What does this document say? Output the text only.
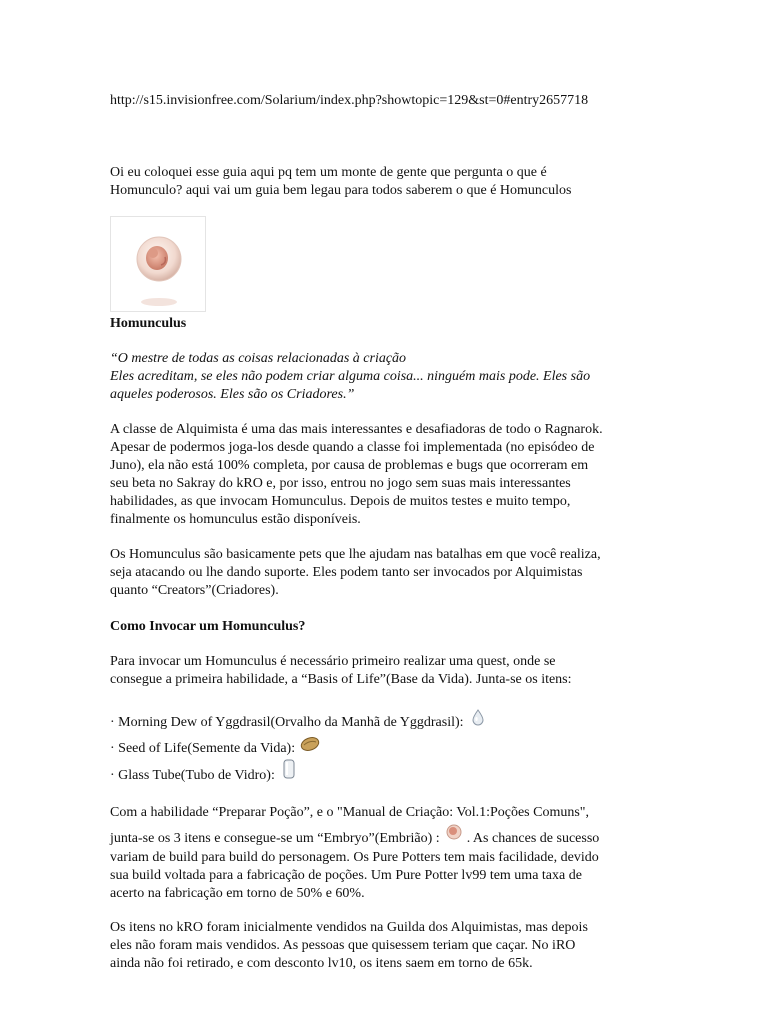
http://s15.invisionfree.com/Solarium/index.php?showtopic=129&st=0#entry2657718
Oi eu coloquei esse guia aqui pq tem um monte de gente que pergunta o que é
Homunculo? aqui vai um guia bem legau para todos saberem o que é Homunculos
Homunculus
“O mestre de todas as coisas relacionadas à criação
Eles acreditam, se eles não podem criar alguma coisa... ninguém mais pode. Eles são
aqueles poderosos. Eles são os Criadores.”
A classe de Alquimista é uma das mais interessantes e desafiadoras de todo o Ragnarok.
Apesar de podermos joga-los desde quando a classe foi implementada (no episódeo de
Juno), ela não está 100% completa, por causa de problemas e bugs que ocorreram em
seu beta no Sakray do kRO e, por isso, entrou no jogo sem suas mais interessantes
habilidades, as que invocam Homunculus. Depois de muitos testes e muito tempo,
finalmente os homunculus estão disponíveis.
Os Homunculus são basicamente pets que lhe ajudam nas batalhas em que você realiza,
seja atacando ou lhe dando suporte. Eles podem tanto ser invocados por Alquimistas
quanto “Creators”(Criadores).
Como Invocar um Homunculus?
Para invocar um Homunculus é necessário primeiro realizar uma quest, onde se
consegue a primeira habilidade, a “Basis of Life”(Base da Vida). Junta-se os itens:
· Morning Dew of Yggdrasil(Orvalho da Manhã de Yggdrasil):
· Seed of Life(Semente da Vida):
· Glass Tube(Tubo de Vidro):
Com a habilidade “Preparar Poção”, e o "Manual de Criação: Vol.1:Poções Comuns",
junta-se os 3 itens e consegue-se um “Embryo”(Embrião) : . As chances de sucesso
variam de build para build do personagem. Os Pure Potters tem mais facilidade, devido
sua build voltada para a fabricação de poções. Um Pure Potter lv99 tem uma taxa de
acerto na fabricação em torno de 50% e 60%.
Os itens no kRO foram inicialmente vendidos na Guilda dos Alquimistas, mas depois
eles não foram mais vendidos. As pessoas que quisessem teriam que caçar. No iRO
ainda não foi retirado, e com desconto lv10, os itens saem em torno de 65k.
